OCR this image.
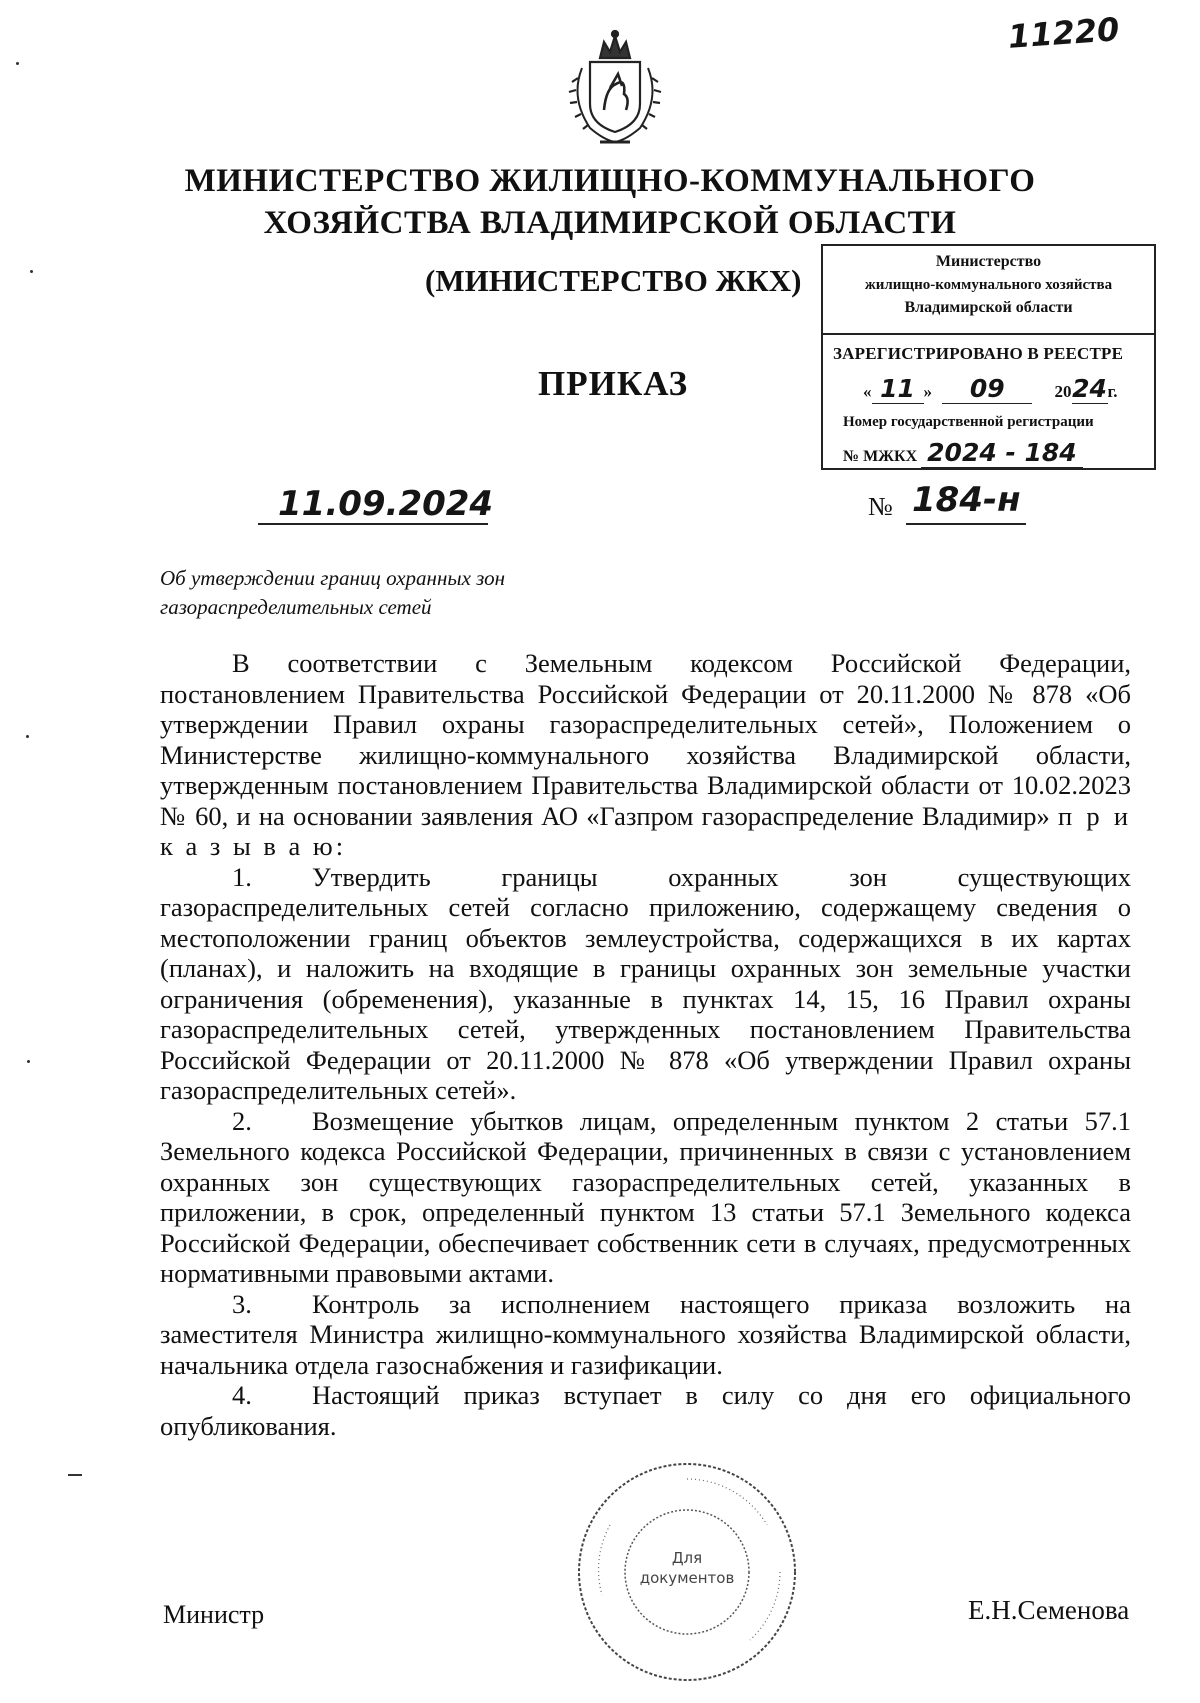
11220
МИНИСТЕРСТВО ЖИЛИЩНО-КОММУНАЛЬНОГО
ХОЗЯЙСТВА ВЛАДИМИРСКОЙ ОБЛАСТИ
(МИНИСТЕРСТВО ЖКХ)
ПРИКАЗ
Министерство
жилищно-коммунального хозяйства
Владимирской области
ЗАРЕГИСТРИРОВАНО В РЕЕСТРЕ
« 11 » 09	2024г.
Номер государственной регистрации
№ МЖКХ 2024 - 184
11.09.2024	№ 184-н
Об утверждении границ охранных зон
газораспределительных сетей

В соответствии с Земельным кодексом Российской Федерации, постановлением Правительства Российской Федерации от 20.11.2000 № 878 «Об утверждении Правил охраны газораспределительных сетей», Положением о Министерстве жилищно-коммунального хозяйства Владимирской области, утвержденным постановлением Правительства Владимирской области от 10.02.2023 № 60, и на основании заявления АО «Газпром газораспределение Владимир» п р и к а з ы в а ю:

1. Утвердить границы охранных зон существующих газораспределительных сетей согласно приложению, содержащему сведения о местоположении границ объектов землеустройства, содержащихся в их картах (планах), и наложить на входящие в границы охранных зон земельные участки ограничения (обременения), указанные в пунктах 14, 15, 16 Правил охраны газораспределительных сетей, утвержденных постановлением Правительства Российской Федерации от 20.11.2000 № 878 «Об утверждении Правил охраны газораспределительных сетей».

2. Возмещение убытков лицам, определенным пунктом 2 статьи 57.1 Земельного кодекса Российской Федерации, причиненных в связи с установлением охранных зон существующих газораспределительных сетей, указанных в приложении, в срок, определенный пунктом 13 статьи 57.1 Земельного кодекса Российской Федерации, обеспечивает собственник сети в случаях, предусмотренных нормативными правовыми актами.

3. Контроль за исполнением настоящего приказа возложить на заместителя Министра жилищно-коммунального хозяйства Владимирской области, начальника отдела газоснабжения и газификации.

4. Настоящий приказ вступает в силу со дня его официального опубликования.

Для
документов
Министр	Е.Н.Семенова
